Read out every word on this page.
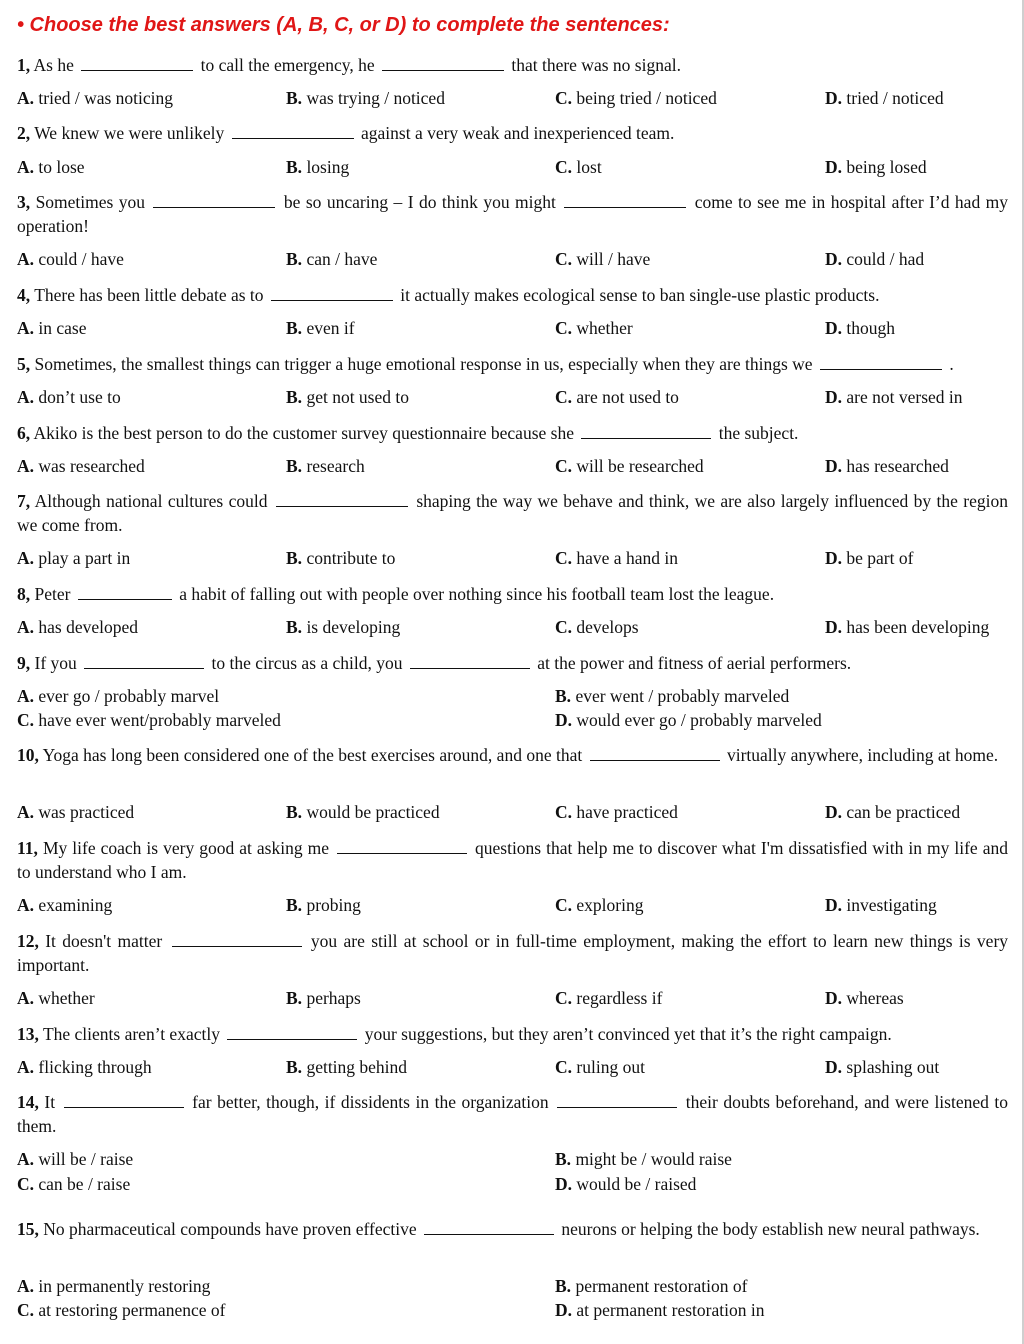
• Choose the best answers (A, B, C, or D) to complete the sentences:
1, As he	to call the emergency, he	that there was no signal.
A. tried / was noticing	B. was trying / noticed	C. being tried / noticed	D. tried / noticed
2, We knew we were unlikely	against a very weak and inexperienced team.
A. to lose	B. losing	C. lost	D. being losed
3, Sometimes you	be so uncaring – I do think you might	come to see me in hospital after I’d had my operation!
A. could / have	B. can / have	C. will / have	D. could / had
4, There has been little debate as to	it actually makes ecological sense to ban single-use plastic products.
A. in case	B. even if	C. whether	D. though
5, Sometimes, the smallest things can trigger a huge emotional response in us, especially when they are things we	.
A. don’t use to	B. get not used to	C. are not used to	D. are not versed in
6, Akiko is the best person to do the customer survey questionnaire because she	the subject.
A. was researched	B. research	C. will be researched	D. has researched
7, Although national cultures could	shaping the way we behave and think, we are also largely influenced by the region we come from.
A. play a part in	B. contribute to	C. have a hand in	D. be part of
8, Peter	a habit of falling out with people over nothing since his football team lost the league.
A. has developed	B. is developing	C. develops	D. has been developing
9, If you	to the circus as a child, you	at the power and fitness of aerial performers.
A. ever go / probably marvel	B. ever went / probably marveled
C. have ever went/probably marveled	D. would ever go / probably marveled
10, Yoga has long been considered one of the best exercises around, and one that	virtually anywhere, including at home.
A. was practiced	B. would be practiced	C. have practiced	D. can be practiced
11, My life coach is very good at asking me	questions that help me to discover what I'm dissatisfied with in my life and to understand who I am.
A. examining	B. probing	C. exploring	D. investigating
12, It doesn't matter	you are still at school or in full-time employment, making the effort to learn new things is very important.
A. whether	B. perhaps	C. regardless if	D. whereas
13, The clients aren’t exactly	your suggestions, but they aren’t convinced yet that it’s the right campaign.
A. flicking through	B. getting behind	C. ruling out	D. splashing out
14, It	far better, though, if dissidents in the organization	their doubts beforehand, and were listened to them.
A. will be / raise	B. might be / would raise
C. can be / raise	D. would be / raised
15, No pharmaceutical compounds have proven effective	neurons or helping the body establish new neural pathways.
A. in permanently restoring	B. permanent restoration of
C. at restoring permanence of	D. at permanent restoration in
